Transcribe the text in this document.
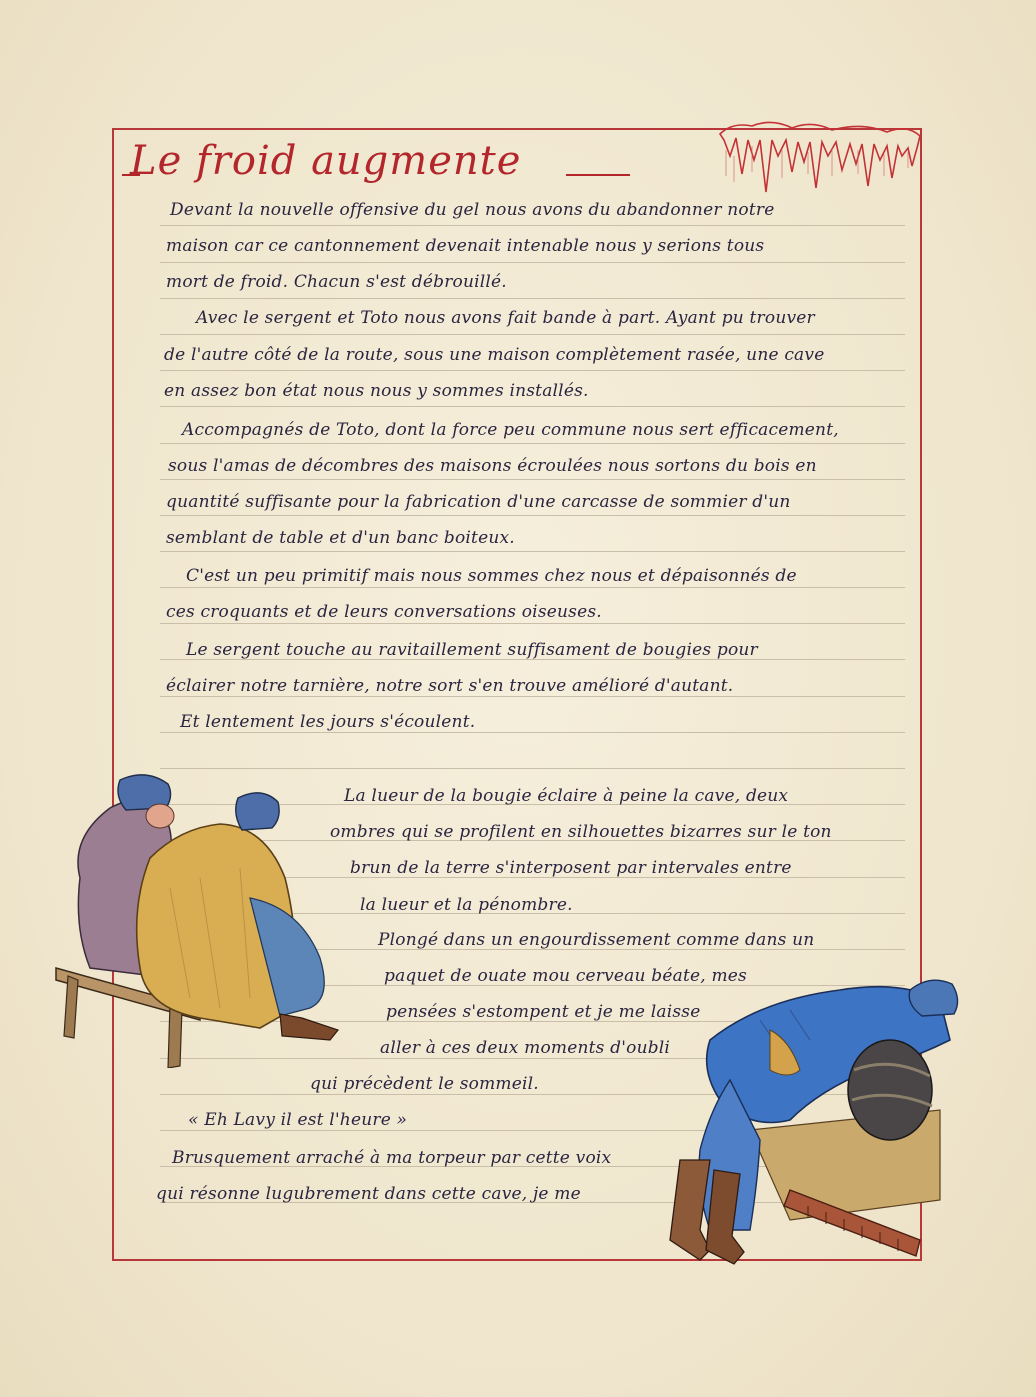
Le froid augmente
Devant la nouvelle offensive du gel nous avons du abandonner notre
maison car ce cantonnement devenait intenable nous y serions tous
mort de froid. Chacun s'est débrouillé.
Avec le sergent et Toto nous avons fait bande à part. Ayant pu trouver
de l'autre côté de la route, sous une maison complètement rasée, une cave
en assez bon état nous nous y sommes installés.
Accompagnés de Toto, dont la force peu commune nous sert efficacement,
sous l'amas de décombres des maisons écroulées nous sortons du bois en
quantité suffisante pour la fabrication d'une carcasse de sommier d'un
semblant de table et d'un banc boiteux.
C'est un peu primitif mais nous sommes chez nous et dépaisonnés de
ces croquants et de leurs conversations oiseuses.
Le sergent touche au ravitaillement suffisament de bougies pour
éclairer notre tarnière, notre sort s'en trouve amélioré d'autant.
Et lentement les jours s'écoulent.
La lueur de la bougie éclaire à peine la cave, deux
ombres qui se profilent en silhouettes bizarres sur le ton
brun de la terre s'interposent par intervales entre
la lueur et la pénombre.
Plongé dans un engourdissement comme dans un
paquet de ouate mou cerveau béate, mes
pensées s'estompent et je me laisse
aller à ces deux moments d'oubli
qui précèdent le sommeil.
« Eh Lavy il est l'heure »
Brusquement arraché à ma torpeur par cette voix
qui résonne lugubrement dans cette cave, je me
